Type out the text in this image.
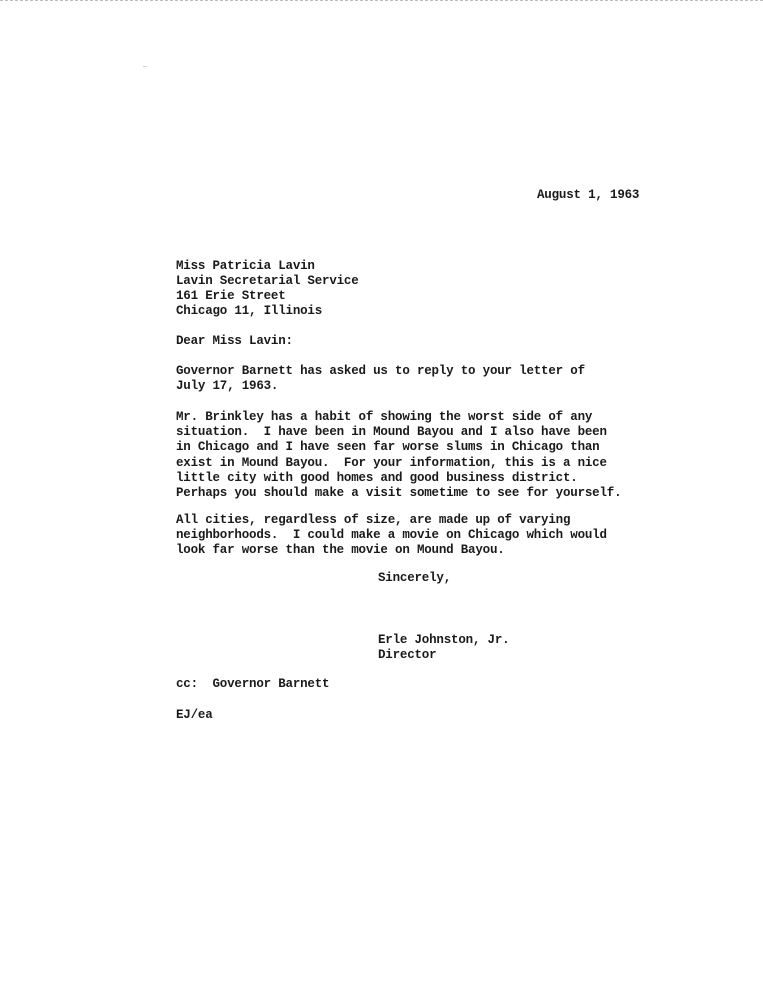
August 1, 1963
Miss Patricia Lavin
Lavin Secretarial Service
161 Erie Street
Chicago 11, Illinois
Dear Miss Lavin:
Governor Barnett has asked us to reply to your letter of
July 17, 1963.
Mr. Brinkley has a habit of showing the worst side of any
situation.  I have been in Mound Bayou and I also have been
in Chicago and I have seen far worse slums in Chicago than
exist in Mound Bayou.  For your information, this is a nice
little city with good homes and good business district.
Perhaps you should make a visit sometime to see for yourself.
All cities, regardless of size, are made up of varying
neighborhoods.  I could make a movie on Chicago which would
look far worse than the movie on Mound Bayou.
Sincerely,
Erle Johnston, Jr.
Director
cc:  Governor Barnett
EJ/ea
